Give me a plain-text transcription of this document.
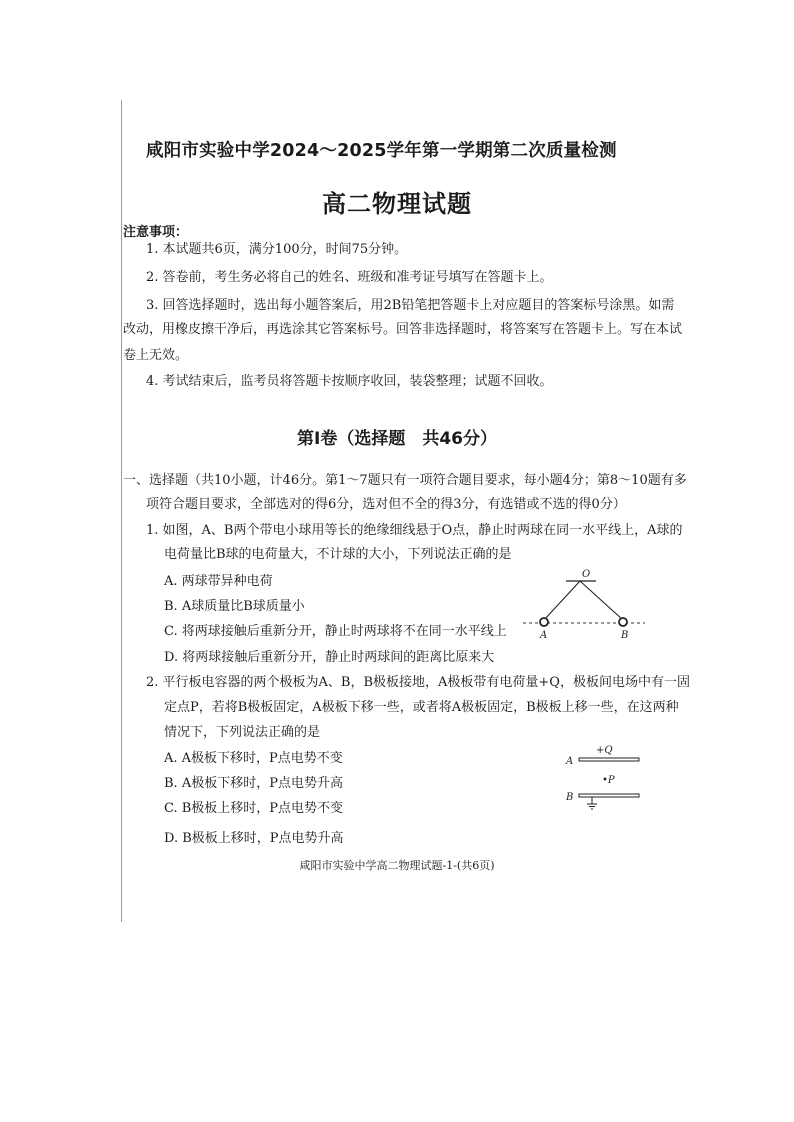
咸阳市实验中学2024～2025学年第一学期第二次质量检测
高二物理试题
注意事项：
1. 本试题共6页，满分100分，时间75分钟。
2. 答卷前，考生务必将自己的姓名、班级和准考证号填写在答题卡上。
3. 回答选择题时，选出每小题答案后，用2B铅笔把答题卡上对应题目的答案标号涂黑。如需
改动，用橡皮擦干净后，再选涂其它答案标号。回答非选择题时，将答案写在答题卡上。写在本试
卷上无效。
4. 考试结束后，监考员将答题卡按顺序收回，装袋整理；试题不回收。
第Ⅰ卷（选择题　共46分）
一、选择题（共10小题，计46分。第1～7题只有一项符合题目要求，每小题4分；第8～10题有多
项符合题目要求，全部选对的得6分，选对但不全的得3分，有选错或不选的得0分）
1. 如图，A、B两个带电小球用等长的绝缘细线悬于O点，静止时两球在同一水平线上，A球的
电荷量比B球的电荷量大，不计球的大小，下列说法正确的是
A. 两球带异种电荷
B. A球质量比B球质量小
C. 将两球接触后重新分开，静止时两球将不在同一水平线上
D. 将两球接触后重新分开，静止时两球间的距离比原来大
O
A	B
2. 平行板电容器的两个极板为A、B，B极板接地，A极板带有电荷量+Q，极板间电场中有一固
定点P，若将B极板固定，A极板下移一些，或者将A极板固定，B极板上移一些，在这两种
情况下，下列说法正确的是
A. A极板下移时，P点电势不变
B. A极板下移时，P点电势升高
C. B极板上移时，P点电势不变
D. B极板上移时，P点电势升高
+Q
A
•P
B
咸阳市实验中学高二物理试题-1-(共6页)
